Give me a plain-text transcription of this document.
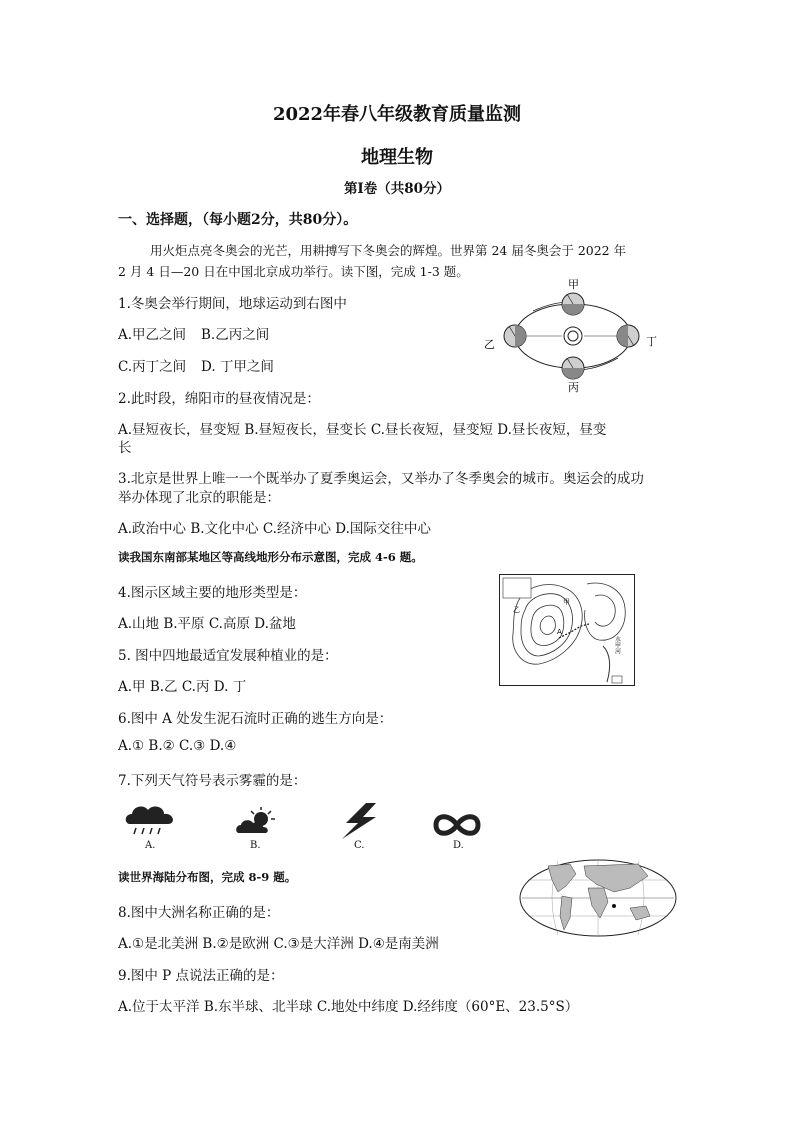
2022年春八年级教育质量监测
地理生物
第Ⅰ卷（共80分）
一、选择题，（每小题2分，共80分）。
用火炬点亮冬奥会的光芒，用耕搏写下冬奥会的辉煌。世界第 24 届冬奥会于 2022 年
2 月 4 日—20 日在中国北京成功举行。读下图，完成 1-3 题。
1.冬奥会举行期间，地球运动到右图中
A.甲乙之间 B.乙丙之间
C.丙丁之间 D. 丁甲之间
甲
乙
丙
丁
2.此时段，绵阳市的昼夜情况是：
A.昼短夜长，昼变短 B.昼短夜长，昼变长 C.昼长夜短，昼变短 D.昼长夜短，昼变
长
3.北京是世界上唯一一个既举办了夏季奥运会，又举办了冬季奥会的城市。奥运会的成功
举办体现了北京的职能是：
A.政治中心 B.文化中心 C.经济中心 D.国际交往中心
读我国东南部某地区等高线地形分布示意图，完成 4-6 题。
4.图示区域主要的地形类型是：
A.山地 B.平原 C.高原 D.盆地
5. 图中四地最适宜发展种植业的是：
A.甲 B.乙 C.丙 D. 丁
6.图中 A 处发生泥石流时正确的逃生方向是：
A.① B.② C.③ D.④
乙
甲
A
水甲河
7.下列天气符号表示雾霾的是：
A.	B.	C.	D.
读世界海陆分布图，完成 8-9 题。
8.图中大洲名称正确的是：
A.①是北美洲 B.②是欧洲 C.③是大洋洲 D.④是南美洲
9.图中 P 点说法正确的是：
A.位于太平洋 B.东半球、北半球 C.地处中纬度 D.经纬度（60°E、23.5°S）
